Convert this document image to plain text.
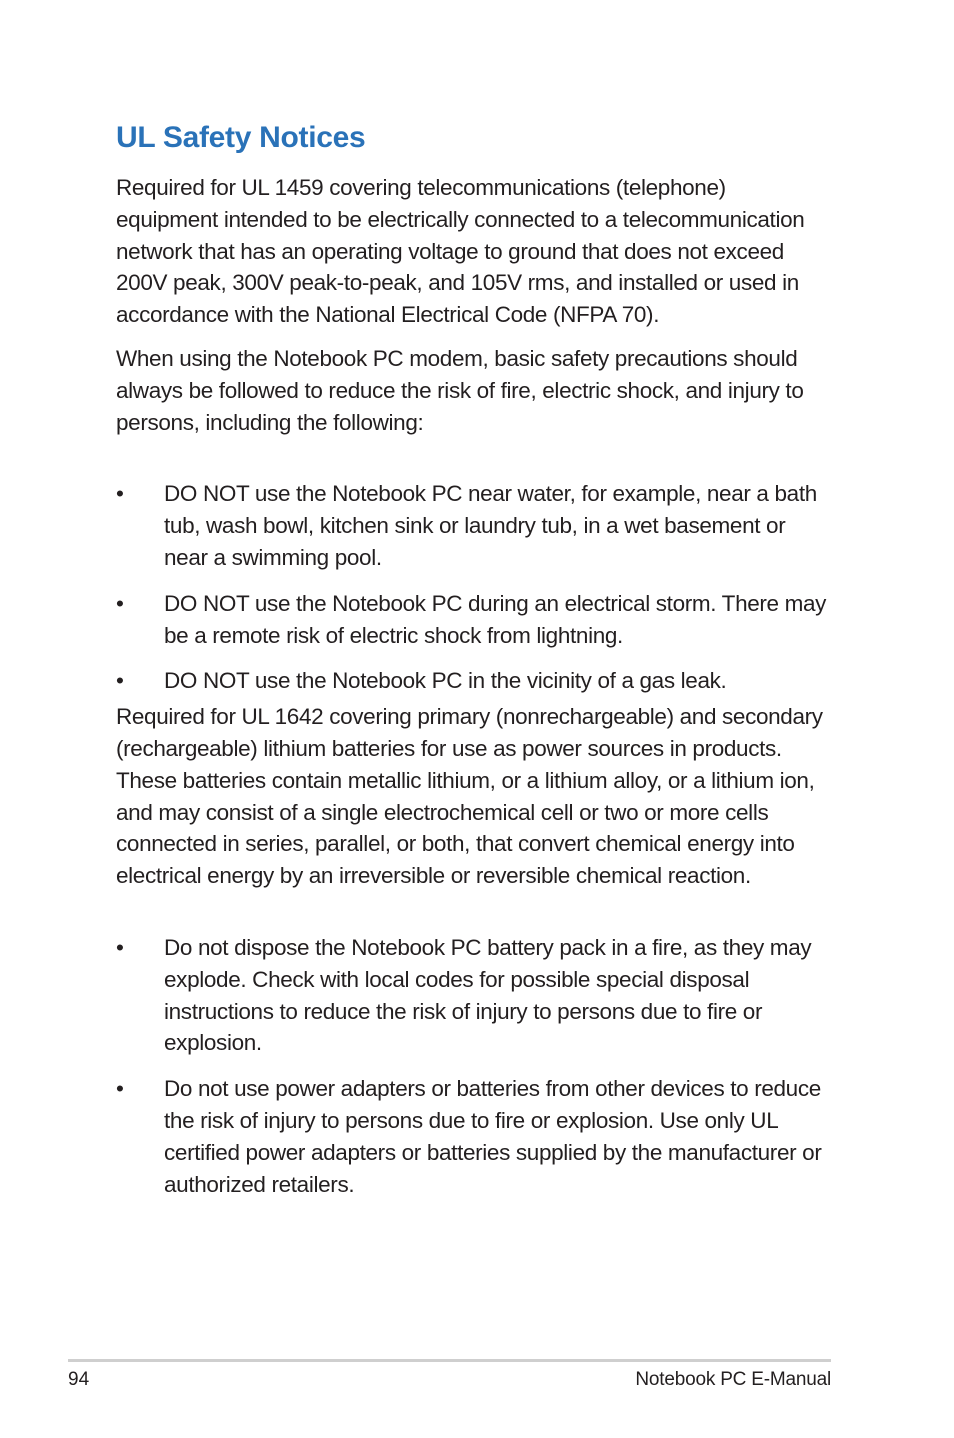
UL Safety Notices

Required for UL 1459 covering telecommunications (telephone) equipment intended to be electrically connected to a telecommunication network that has an operating voltage to ground that does not exceed 200V peak, 300V peak-to-peak, and 105V rms, and installed or used in accordance with the National Electrical Code (NFPA 70).

When using the Notebook PC modem, basic safety precautions should always be followed to reduce the risk of fire, electric shock, and injury to persons, including the following:

• DO NOT use the Notebook PC near water, for example, near a bath tub, wash bowl, kitchen sink or laundry tub, in a wet basement or near a swimming pool.
• DO NOT use the Notebook PC during an electrical storm. There may be a remote risk of electric shock from lightning.
• DO NOT use the Notebook PC in the vicinity of a gas leak.

Required for UL 1642 covering primary (nonrechargeable) and secondary (rechargeable) lithium batteries for use as power sources in products. These batteries contain metallic lithium, or a lithium alloy, or a lithium ion, and may consist of a single electrochemical cell or two or more cells connected in series, parallel, or both, that convert chemical energy into electrical energy by an irreversible or reversible chemical reaction.

• Do not dispose the Notebook PC battery pack in a fire, as they may explode. Check with local codes for possible special disposal instructions to reduce the risk of injury to persons due to fire or explosion.
• Do not use power adapters or batteries from other devices to reduce the risk of injury to persons due to fire or explosion. Use only UL certified power adapters or batteries supplied by the manufacturer or authorized retailers.
94	Notebook PC E-Manual
